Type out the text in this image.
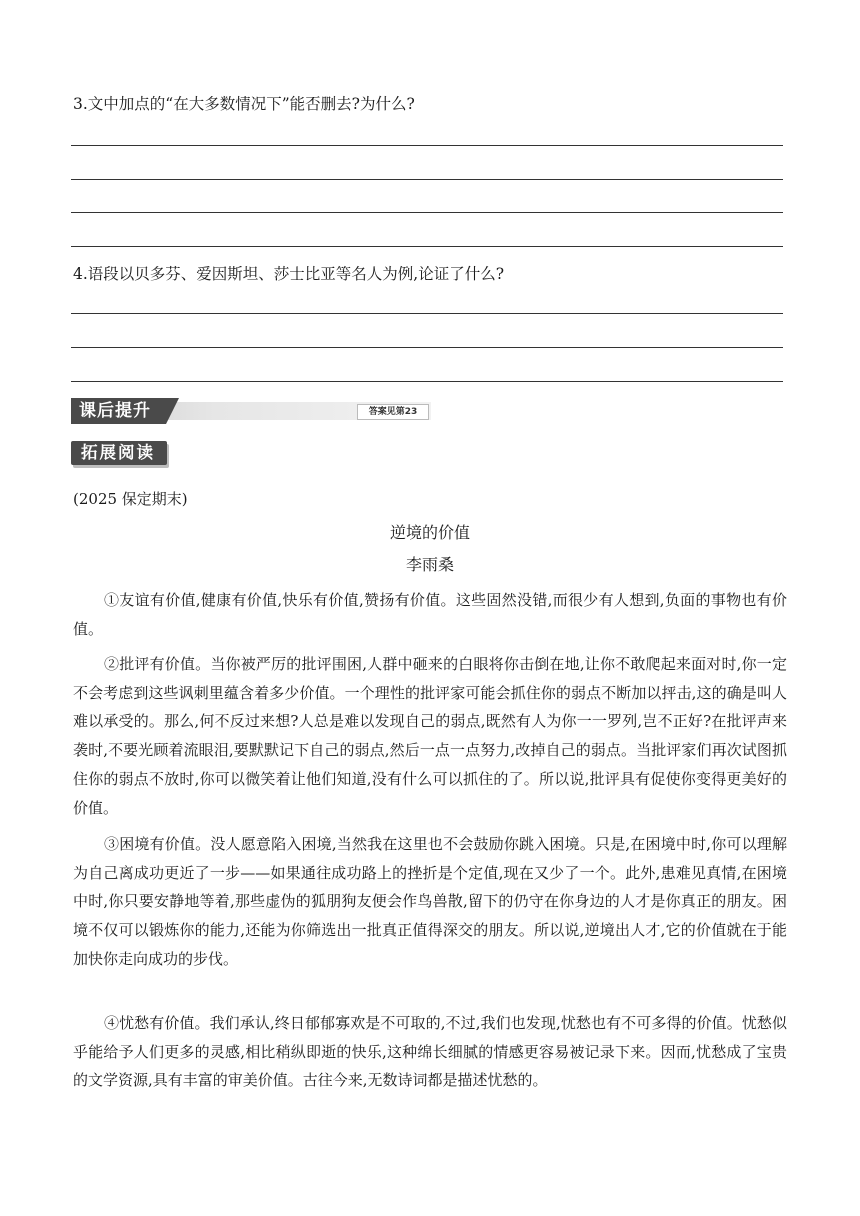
3.文中加点的“在大多数情况下”能否删去?为什么?
4.语段以贝多芬、爱因斯坦、莎士比亚等名人为例,论证了什么?
课后提升	答案见第23
拓展阅读
(2025 保定期末)
逆境的价值
李雨桑
①友谊有价值,健康有价值,快乐有价值,赞扬有价值。这些固然没错,而很少有人想到,负面的事物也有价值。
②批评有价值。当你被严厉的批评围困,人群中砸来的白眼将你击倒在地,让你不敢爬起来面对时,你一定不会考虑到这些讽刺里蕴含着多少价值。一个理性的批评家可能会抓住你的弱点不断加以抨击,这的确是叫人难以承受的。那么,何不反过来想?人总是难以发现自己的弱点,既然有人为你一一罗列,岂不正好?在批评声来袭时,不要光顾着流眼泪,要默默记下自己的弱点,然后一点一点努力,改掉自己的弱点。当批评家们再次试图抓住你的弱点不放时,你可以微笑着让他们知道,没有什么可以抓住的了。所以说,批评具有促使你变得更美好的价值。
③困境有价值。没人愿意陷入困境,当然我在这里也不会鼓励你跳入困境。只是,在困境中时,你可以理解为自己离成功更近了一步——如果通往成功路上的挫折是个定值,现在又少了一个。此外,患难见真情,在困境中时,你只要安静地等着,那些虚伪的狐朋狗友便会作鸟兽散,留下的仍守在你身边的人才是你真正的朋友。困境不仅可以锻炼你的能力,还能为你筛选出一批真正值得深交的朋友。所以说,逆境出人才,它的价值就在于能加快你走向成功的步伐。
④忧愁有价值。我们承认,终日郁郁寡欢是不可取的,不过,我们也发现,忧愁也有不可多得的价值。忧愁似乎能给予人们更多的灵感,相比稍纵即逝的快乐,这种绵长细腻的情感更容易被记录下来。因而,忧愁成了宝贵的文学资源,具有丰富的审美价值。古往今来,无数诗词都是描述忧愁的。
